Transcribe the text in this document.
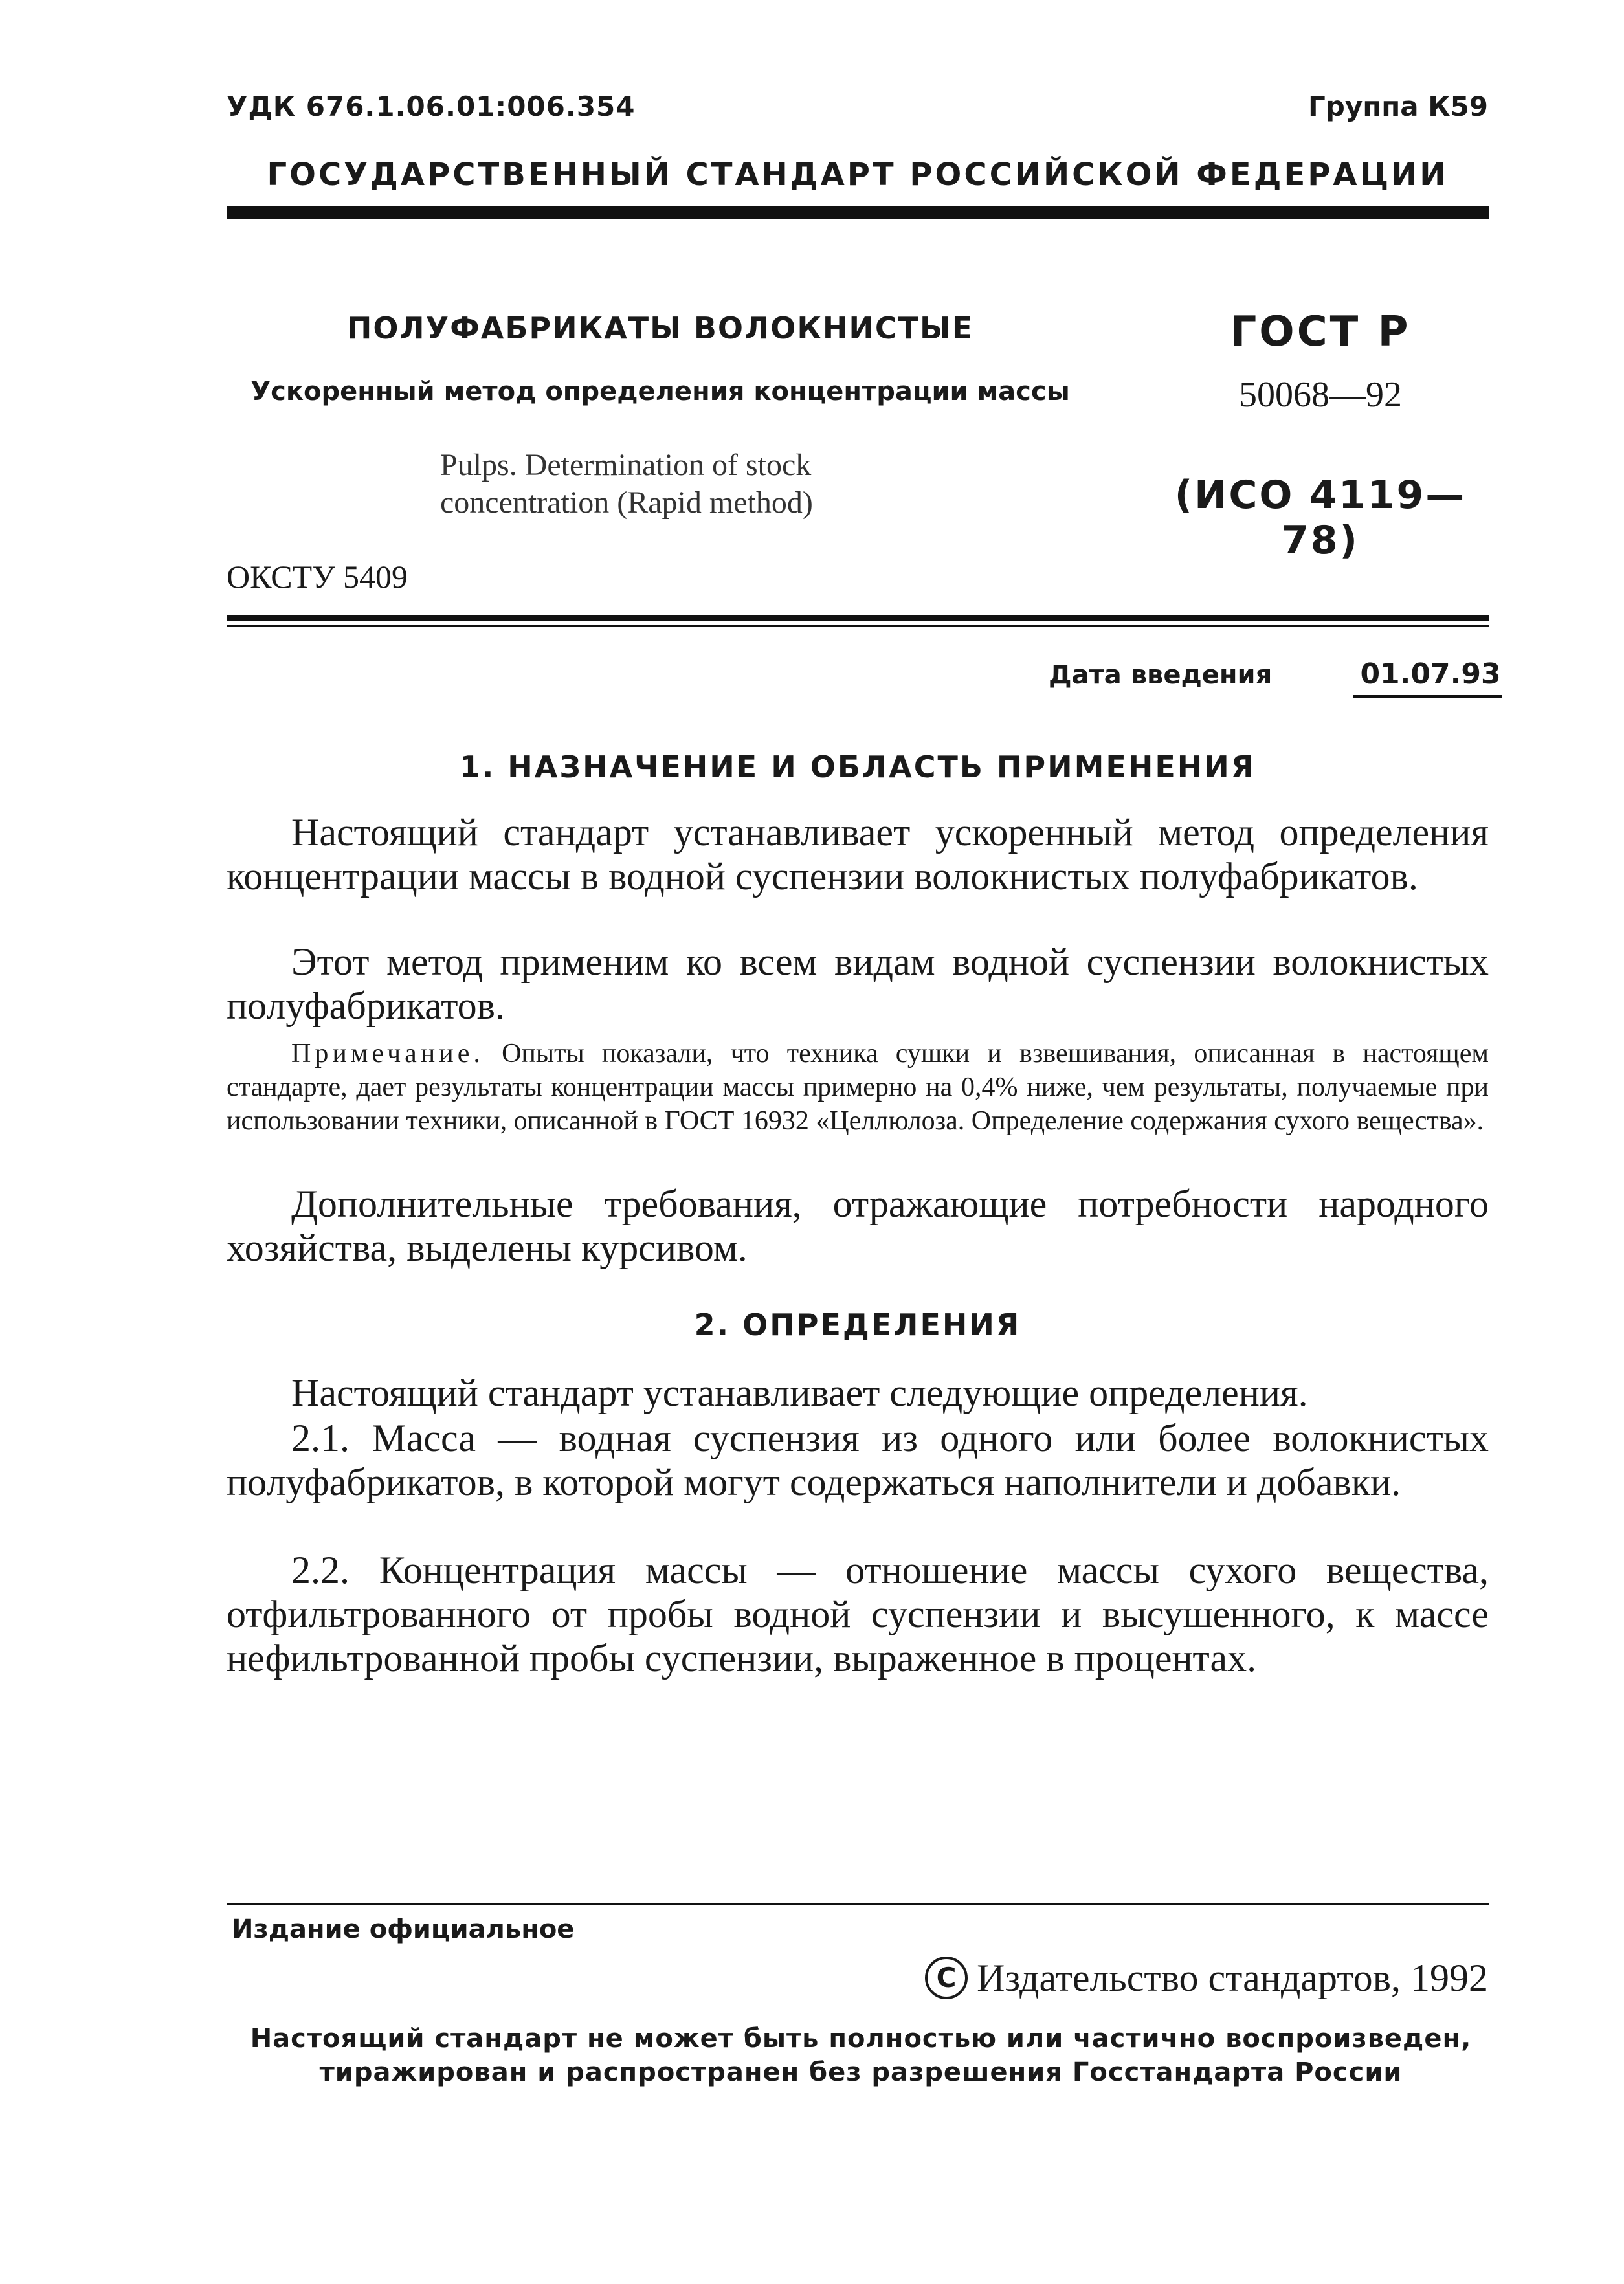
УДК 676.1.06.01:006.354	Группа К59
ГОСУДАРСТВЕННЫЙ СТАНДАРТ РОССИЙСКОЙ ФЕДЕРАЦИИ
ПОЛУФАБРИКАТЫ ВОЛОКНИСТЫЕ
Ускоренный метод определения концентрации массы
Pulps. Determination of stock
concentration (Rapid method)
ГОСТ Р
50068—92
(ИСО 4119—78)
ОКСТУ 5409
Дата введения	01.07.93
1. НАЗНАЧЕНИЕ И ОБЛАСТЬ ПРИМЕНЕНИЯ
Настоящий стандарт устанавливает ускоренный метод определения концентрации массы в водной суспензии волокнистых полуфабрикатов.
Этот метод применим ко всем видам водной суспензии волокнистых полуфабрикатов.
Примечание. Опыты показали, что техника сушки и взвешивания, описанная в настоящем стандарте, дает результаты концентрации массы примерно на 0,4% ниже, чем результаты, получаемые при использовании техники, описанной в ГОСТ 16932 «Целлюлоза. Определение содержания сухого вещества».
Дополнительные требования, отражающие потребности народного хозяйства, выделены курсивом.
2. ОПРЕДЕЛЕНИЯ
Настоящий стандарт устанавливает следующие определения.
2.1. Масса — водная суспензия из одного или более волокнистых полуфабрикатов, в которой могут содержаться наполнители и добавки.
2.2. Концентрация массы — отношение массы сухого вещества, отфильтрованного от пробы водной суспензии и высушенного, к массе нефильтрованной пробы суспензии, выраженное в процентах.
Издание официальное
C Издательство стандартов, 1992
Настоящий стандарт не может быть полностью или частично воспроизведен,
тиражирован и распространен без разрешения Госстандарта России
